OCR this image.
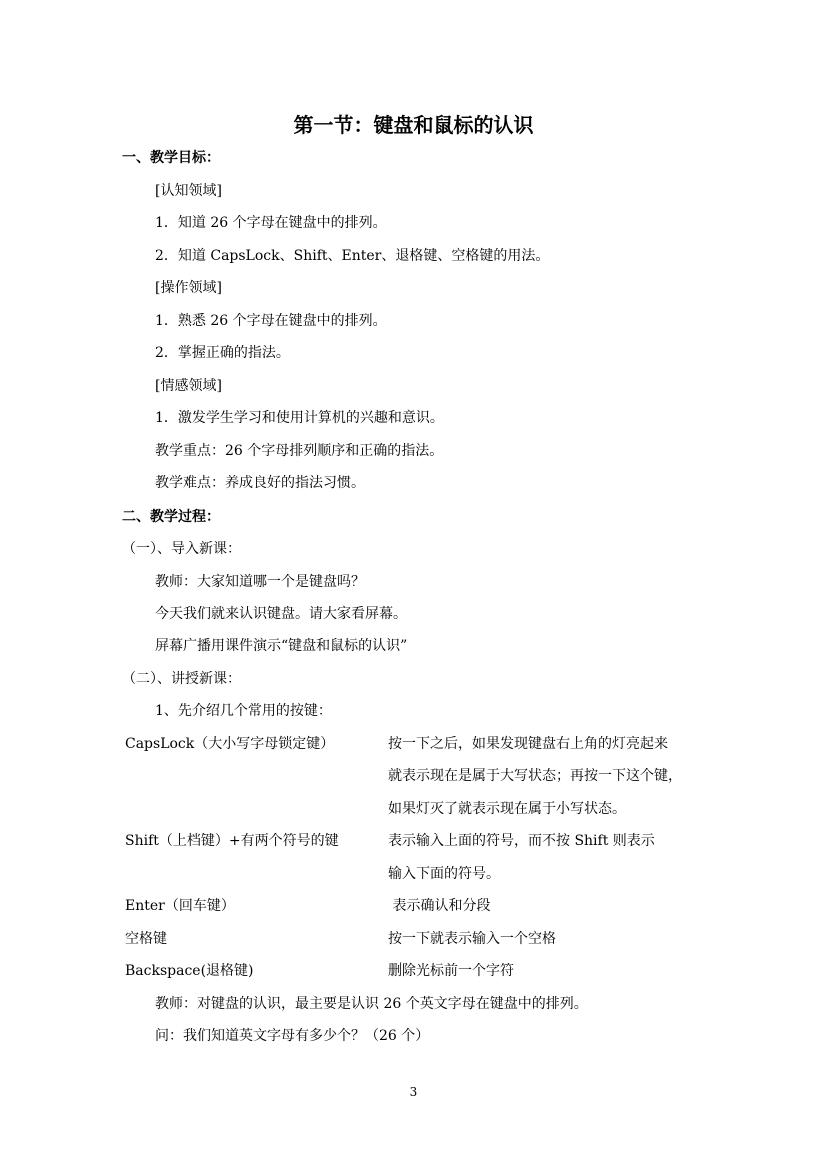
第一节：键盘和鼠标的认识
一、教学目标：
[认知领域]
1．知道 26 个字母在键盘中的排列。
2．知道 CapsLock、Shift、Enter、退格键、空格键的用法。
[操作领域]
1．熟悉 26 个字母在键盘中的排列。
2．掌握正确的指法。
[情感领域]
1．激发学生学习和使用计算机的兴趣和意识。
教学重点：26 个字母排列顺序和正确的指法。
教学难点：养成良好的指法习惯。
二、教学过程：
（一）、导入新课：
教师：大家知道哪一个是键盘吗？
今天我们就来认识键盘。请大家看屏幕。
屏幕广播用课件演示“键盘和鼠标的认识”
（二）、讲授新课：
1、先介绍几个常用的按键：
CapsLock（大小写字母锁定键）	按一下之后，如果发现键盘右上角的灯亮起来
就表示现在是属于大写状态；再按一下这个键，
如果灯灭了就表示现在属于小写状态。
Shift（上档键）+有两个符号的键	表示输入上面的符号，而不按 Shift 则表示
输入下面的符号。
Enter（回车键）	表示确认和分段
空格键	按一下就表示输入一个空格
Backspace(退格键)	删除光标前一个字符
教师：对键盘的认识，最主要是认识 26 个英文字母在键盘中的排列。
问：我们知道英文字母有多少个？（26 个）
3
